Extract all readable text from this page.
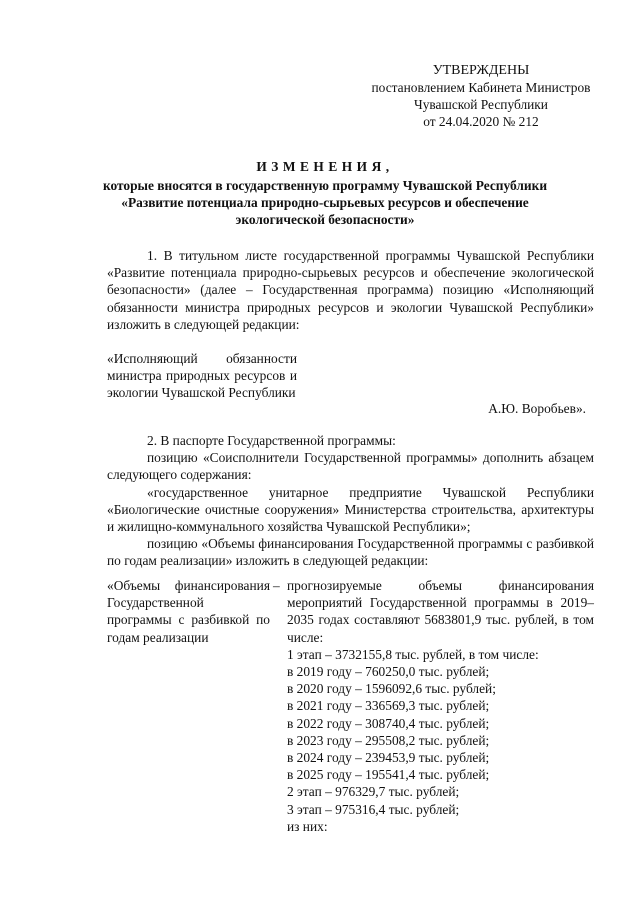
УТВЕРЖДЕНЫ
постановлением Кабинета Министров
Чувашской Республики
от 24.04.2020 № 212
ИЗМЕНЕНИЯ,
которые вносятся в государственную программу Чувашской Республики
«Развитие потенциала природно-сырьевых ресурсов и обеспечение
экологической безопасности»

1. В титульном листе государственной программы Чувашской Республики «Развитие потенциала природно-сырьевых ресурсов и обеспечение экологической безопасности» (далее – Государственная программа) позицию «Исполняющий обязанности министра природных ресурсов и экологии Чувашской Республики» изложить в следующей редакции:

«Исполняющий обязанности министра природных ресурсов и экологии Чувашской Республики
А.Ю. Воробьев».

2. В паспорте Государственной программы:

позицию «Соисполнители Государственной программы» дополнить абзацем следующего содержания:

«государственное унитарное предприятие Чувашской Республики «Биологические очистные сооружения» Министерства строительства, архитектуры и жилищно-коммунального хозяйства Чувашской Республики»;

позицию «Объемы финансирования Государственной программы с разбивкой по годам реализации» изложить в следующей редакции:

«Объемы финансирования Государственной программы с разбивкой по годам реализации
– прогнозируемые объемы финансирования мероприятий Государственной программы в 2019–2035 годах составляют 5683801,9 тыс. рублей, в том числе:
1 этап – 3732155,8 тыс. рублей, в том числе:
в 2019 году – 760250,0 тыс. рублей;
в 2020 году – 1596092,6 тыс. рублей;
в 2021 году – 336569,3 тыс. рублей;
в 2022 году – 308740,4 тыс. рублей;
в 2023 году – 295508,2 тыс. рублей;
в 2024 году – 239453,9 тыс. рублей;
в 2025 году – 195541,4 тыс. рублей;
2 этап – 976329,7 тыс. рублей;
3 этап – 975316,4 тыс. рублей;
из них:
